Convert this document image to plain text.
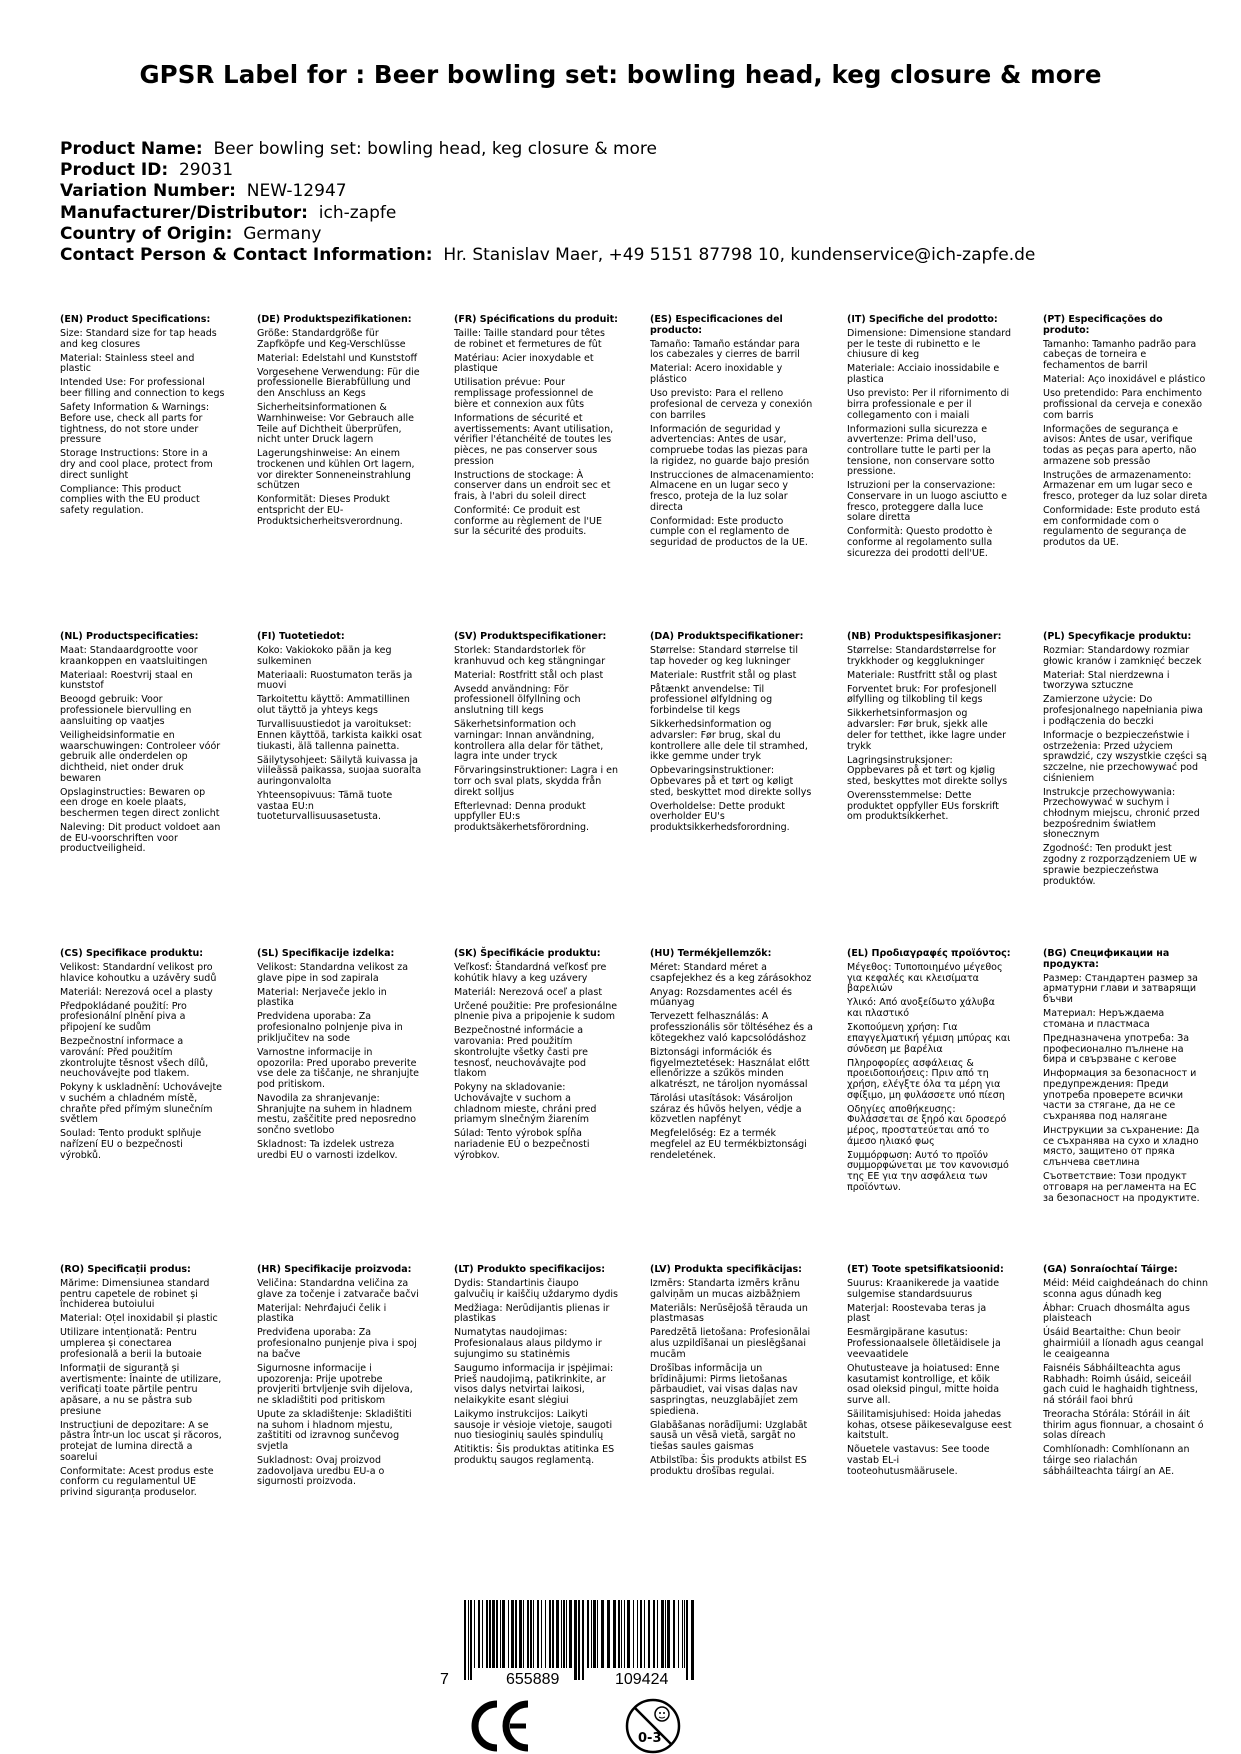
GPSR Label for : Beer bowling set: bowling head, keg closure & more
Product Name: Beer bowling set: bowling head, keg closure & more
Product ID: 29031
Variation Number: NEW-12947
Manufacturer/Distributor: ich-zapfe
Country of Origin: Germany
Contact Person & Contact Information: Hr. Stanislav Maer, +49 5151 87798 10, kundenservice@ich-zapfe.de

(EN) Product Specifications:

Size: Standard size for tap heads and keg closures

Material: Stainless steel and plastic

Intended Use: For professional beer filling and connection to kegs

Safety Information & Warnings: Before use, check all parts for tightness, do not store under pressure

Storage Instructions: Store in a dry and cool place, protect from direct sunlight

Compliance: This product complies with the EU product safety regulation.

(DE) Produktspezifikationen:

Größe: Standardgröße für Zapfköpfe und Keg-Verschlüsse

Material: Edelstahl und Kunststoff

Vorgesehene Verwendung: Für die professionelle Bierabfüllung und den Anschluss an Kegs

Sicherheitsinformationen & Warnhinweise: Vor Gebrauch alle Teile auf Dichtheit überprüfen, nicht unter Druck lagern

Lagerungshinweise: An einem trockenen und kühlen Ort lagern, vor direkter Sonneneinstrahlung schützen

Konformität: Dieses Produkt entspricht der EU-Produktsicherheitsverordnung.

(FR) Spécifications du produit:

Taille: Taille standard pour têtes de robinet et fermetures de fût

Matériau: Acier inoxydable et plastique

Utilisation prévue: Pour remplissage professionnel de bière et connexion aux fûts

Informations de sécurité et avertissements: Avant utilisation, vérifier l'étanchéité de toutes les pièces, ne pas conserver sous pression

Instructions de stockage: À conserver dans un endroit sec et frais, à l'abri du soleil direct

Conformité: Ce produit est conforme au règlement de l'UE sur la sécurité des produits.

(ES) Especificaciones del producto:

Tamaño: Tamaño estándar para los cabezales y cierres de barril

Material: Acero inoxidable y plástico

Uso previsto: Para el relleno profesional de cerveza y conexión con barriles

Información de seguridad y advertencias: Antes de usar, compruebe todas las piezas para la rigidez, no guarde bajo presión

Instrucciones de almacenamiento: Almacene en un lugar seco y fresco, proteja de la luz solar directa

Conformidad: Este producto cumple con el reglamento de seguridad de productos de la UE.

(IT) Specifiche del prodotto:

Dimensione: Dimensione standard per le teste di rubinetto e le chiusure di keg

Materiale: Acciaio inossidabile e plastica

Uso previsto: Per il rifornimento di birra professionale e per il collegamento con i maiali

Informazioni sulla sicurezza e avvertenze: Prima dell'uso, controllare tutte le parti per la tensione, non conservare sotto pressione.

Istruzioni per la conservazione: Conservare in un luogo asciutto e fresco, proteggere dalla luce solare diretta

Conformità: Questo prodotto è conforme al regolamento sulla sicurezza dei prodotti dell'UE.

(PT) Especificações do produto:

Tamanho: Tamanho padrão para cabeças de torneira e fechamentos de barril

Material: Aço inoxidável e plástico

Uso pretendido: Para enchimento profissional da cerveja e conexão com barris

Informações de segurança e avisos: Antes de usar, verifique todas as peças para aperto, não armazene sob pressão

Instruções de armazenamento: Armazenar em um lugar seco e fresco, proteger da luz solar direta

Conformidade: Este produto está em conformidade com o regulamento de segurança de produtos da UE.

(NL) Productspecificaties:

Maat: Standaardgrootte voor kraankoppen en vaatsluitingen

Materiaal: Roestvrij staal en kunststof

Beoogd gebruik: Voor professionele biervulling en aansluiting op vaatjes

Veiligheidsinformatie en waarschuwingen: Controleer vóór gebruik alle onderdelen op dichtheid, niet onder druk bewaren

Opslaginstructies: Bewaren op een droge en koele plaats, beschermen tegen direct zonlicht

Naleving: Dit product voldoet aan de EU-voorschriften voor productveiligheid.

(FI) Tuotetiedot:

Koko: Vakiokoko pään ja keg sulkeminen

Materiaali: Ruostumaton teräs ja muovi

Tarkoitettu käyttö: Ammatillinen olut täyttö ja yhteys kegs

Turvallisuustiedot ja varoitukset: Ennen käyttöä, tarkista kaikki osat tiukasti, älä tallenna painetta.

Säilytysohjeet: Säilytä kuivassa ja viileässä paikassa, suojaa suoralta auringonvalolta

Yhteensopivuus: Tämä tuote vastaa EU:n tuoteturvallisuusasetusta.

(SV) Produktspecifikationer:

Storlek: Standardstorlek för kranhuvud och keg stängningar

Material: Rostfritt stål och plast

Avsedd användning: För professionell ölfyllning och anslutning till kegs

Säkerhetsinformation och varningar: Innan användning, kontrollera alla delar för täthet, lagra inte under tryck

Förvaringsinstruktioner: Lagra i en torr och sval plats, skydda från direkt solljus

Efterlevnad: Denna produkt uppfyller EU:s produktsäkerhetsförordning.

(DA) Produktspecifikationer:

Størrelse: Standard størrelse til tap hoveder og keg lukninger

Materiale: Rustfrit stål og plast

Påtænkt anvendelse: Til professionel ølfyldning og forbindelse til kegs

Sikkerhedsinformation og advarsler: Før brug, skal du kontrollere alle dele til stramhed, ikke gemme under tryk

Opbevaringsinstruktioner: Opbevares på et tørt og køligt sted, beskyttet mod direkte sollys

Overholdelse: Dette produkt overholder EU's produktsikkerhedsforordning.

(NB) Produktspesifikasjoner:

Størrelse: Standardstørrelse for trykkhoder og kegglukninger

Materiale: Rustfritt stål og plast

Forventet bruk: For profesjonell ølfylling og tilkobling til kegs

Sikkerhetsinformasjon og advarsler: Før bruk, sjekk alle deler for tetthet, ikke lagre under trykk

Lagringsinstruksjoner: Oppbevares på et tørt og kjølig sted, beskyttes mot direkte sollys

Overensstemmelse: Dette produktet oppfyller EUs forskrift om produktsikkerhet.

(PL) Specyfikacje produktu:

Rozmiar: Standardowy rozmiar głowic kranów i zamknięć beczek

Materiał: Stal nierdzewna i tworzywa sztuczne

Zamierzone użycie: Do profesjonalnego napełniania piwa i podłączenia do beczki

Informacje o bezpieczeństwie i ostrzeżenia: Przed użyciem sprawdzić, czy wszystkie części są szczelne, nie przechowywać pod ciśnieniem

Instrukcje przechowywania: Przechowywać w suchym i chłodnym miejscu, chronić przed bezpośrednim światłem słonecznym

Zgodność: Ten produkt jest zgodny z rozporządzeniem UE w sprawie bezpieczeństwa produktów.

(CS) Specifikace produktu:

Velikost: Standardní velikost pro hlavice kohoutku a uzávěry sudů

Materiál: Nerezová ocel a plasty

Předpokládané použití: Pro profesionální plnění piva a připojení ke sudům

Bezpečnostní informace a varování: Před použitím zkontrolujte těsnost všech dílů, neuchovávejte pod tlakem.

Pokyny k uskladnění: Uchovávejte v suchém a chladném místě, chraňte před přímým slunečním světlem

Soulad: Tento produkt splňuje nařízení EU o bezpečnosti výrobků.

(SL) Specifikacije izdelka:

Velikost: Standardna velikost za glave pipe in sod zapirala

Material: Nerjaveče jeklo in plastika

Predvidena uporaba: Za profesionalno polnjenje piva in priključitev na sode

Varnostne informacije in opozorila: Pred uporabo preverite vse dele za tiščanje, ne shranjujte pod pritiskom.

Navodila za shranjevanje: Shranjujte na suhem in hladnem mestu, zaščitite pred neposredno sončno svetlobo

Skladnost: Ta izdelek ustreza uredbi EU o varnosti izdelkov.

(SK) Špecifikácie produktu:

Veľkosť: Štandardná veľkosť pre kohútik hlavy a keg uzávery

Materiál: Nerezová oceľ a plast

Určené použitie: Pre profesionálne plnenie piva a pripojenie k sudom

Bezpečnostné informácie a varovania: Pred použitím skontrolujte všetky časti pre tesnosť, neuchovávajte pod tlakom

Pokyny na skladovanie: Uchovávajte v suchom a chladnom mieste, chráni pred priamym slnečným žiarením

Súlad: Tento výrobok spĺňa nariadenie EÚ o bezpečnosti výrobkov.

(HU) Termékjellemzők:

Méret: Standard méret a csapfejekhez és a keg zárásokhoz

Anyag: Rozsdamentes acél és műanyag

Tervezett felhasználás: A professzionális sör töltéséhez és a kötegekhez való kapcsolódáshoz

Biztonsági információk és figyelmeztetések: Használat előtt ellenőrizze a szűkös minden alkatrészt, ne tároljon nyomással

Tárolási utasítások: Vásároljon száraz és hűvös helyen, védje a közvetlen napfényt

Megfelelőség: Ez a termék megfelel az EU termékbiztonsági rendeletének.

(EL) Προδιαγραφές προϊόντος:

Μέγεθος: Τυποποιημένο μέγεθος για κεφαλές και κλεισίματα βαρελιών

Υλικό: Από ανοξείδωτο χάλυβα και πλαστικό

Σκοπούμενη χρήση: Για επαγγελματική γέμιση μπύρας και σύνδεση με βαρέλια

Πληροφορίες ασφάλειας & προειδοποιήσεις: Πριν από τη χρήση, ελέγξτε όλα τα μέρη για σφίξιμο, μη φυλάσσετε υπό πίεση

Οδηγίες αποθήκευσης: Φυλάσσεται σε ξηρό και δροσερό μέρος, προστατεύεται από το άμεσο ηλιακό φως

Συμμόρφωση: Αυτό το προϊόν συμμορφώνεται με τον κανονισμό της ΕΕ για την ασφάλεια των προϊόντων.

(BG) Спецификации на продукта:

Размер: Стандартен размер за арматурни глави и затварящи бъчви

Материал: Неръждаема стомана и пластмаса

Предназначена употреба: За професионално пълнене на бира и свързване с кегове

Информация за безопасност и предупреждения: Преди употреба проверете всички части за стягане, да не се съхранява под налягане

Инструкции за съхранение: Да се съхранява на сухо и хладно място, защитено от пряка слънчева светлина

Съответствие: Този продукт отговаря на регламента на ЕС за безопасност на продуктите.

(RO) Specificații produs:

Mărime: Dimensiunea standard pentru capetele de robinet și închiderea butoiului

Material: Oțel inoxidabil și plastic

Utilizare intenționată: Pentru umplerea și conectarea profesională a berii la butoaie

Informații de siguranță și avertismente: Înainte de utilizare, verificați toate părțile pentru apăsare, a nu se păstra sub presiune

Instrucțiuni de depozitare: A se păstra într-un loc uscat și răcoros, protejat de lumina directă a soarelui

Conformitate: Acest produs este conform cu regulamentul UE privind siguranța produselor.

(HR) Specifikacije proizvoda:

Veličina: Standardna veličina za glave za točenje i zatvarače bačvi

Materijal: Nehrđajući čelik i plastika

Predviđena uporaba: Za profesionalno punjenje piva i spoj na bačve

Sigurnosne informacije i upozorenja: Prije upotrebe provjeriti brtvljenje svih dijelova, ne skladištiti pod pritiskom

Upute za skladištenje: Skladištiti na suhom i hladnom mjestu, zaštititi od izravnog sunčevog svjetla

Sukladnost: Ovaj proizvod zadovoljava uredbu EU-a o sigurnosti proizvoda.

(LT) Produkto specifikacijos:

Dydis: Standartinis čiaupo galvučių ir kaiščių uždarymo dydis

Medžiaga: Nerūdijantis plienas ir plastikas

Numatytas naudojimas: Profesionalaus alaus pildymo ir sujungimo su statinėmis

Saugumo informacija ir įspėjimai: Prieš naudojimą, patikrinkite, ar visos dalys netvirtai laikosi, nelaikykite esant slėgiui

Laikymo instrukcijos: Laikyti sausoje ir vėsioje vietoje, saugoti nuo tiesioginių saulės spindulių

Atitiktis: Šis produktas atitinka ES produktų saugos reglamentą.

(LV) Produkta specifikācijas:

Izmērs: Standarta izmērs krānu galviņām un mucas aizbāžņiem

Materiāls: Nerūsējošā tērauda un plastmasas

Paredzētā lietošana: Profesionālai alus uzpildīšanai un pieslēgšanai mucām

Drošības informācija un brīdinājumi: Pirms lietošanas pārbaudiet, vai visas daļas nav saspringtas, neuzglabājiet zem spiediena.

Glabāšanas norādījumi: Uzglabāt sausā un vēsā vietā, sargāt no tiešas saules gaismas

Atbilstība: Šis produkts atbilst ES produktu drošības regulai.

(ET) Toote spetsifikatsioonid:

Suurus: Kraanikerede ja vaatide sulgemise standardsuurus

Materjal: Roostevaba teras ja plast

Eesmärgipärane kasutus: Professionaalsele õlletäidisele ja veevaatidele

Ohutusteave ja hoiatused: Enne kasutamist kontrollige, et kõik osad oleksid pingul, mitte hoida surve all.

Säilitamisjuhised: Hoida jahedas kohas, otsese päikesevalguse eest kaitstult.

Nõuetele vastavus: See toode vastab EL-i tooteohutusmäärusele.

(GA) Sonraíochtaí Táirge:

Méid: Méid caighdeánach do chinn sconna agus dúnadh keg

Ábhar: Cruach dhosmálta agus plaisteach

Úsáid Beartaithe: Chun beoir ghairmiúil a líonadh agus ceangal le ceaigeanna

Faisnéis Sábháilteachta agus Rabhadh: Roimh úsáid, seiceáil gach cuid le haghaidh tightness, ná stóráil faoi bhrú

Treoracha Stórála: Stóráil in áit thirim agus fionnuar, a chosaint ó solas díreach

Comhlíonadh: Comhlíonann an táirge seo rialachán sábháilteachta táirgí an AE.

7	655889	109424
0-3
